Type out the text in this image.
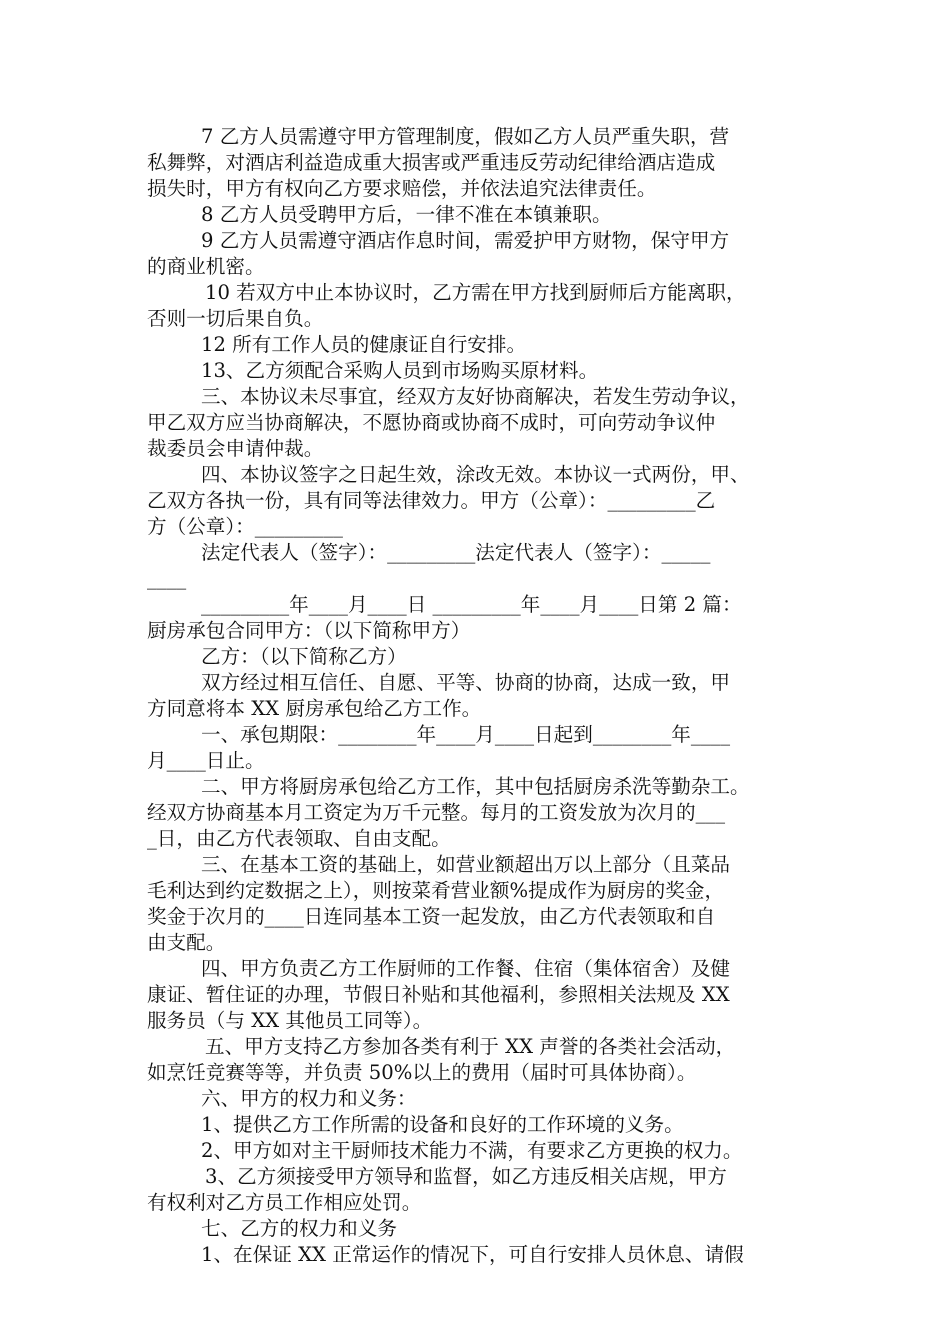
7 乙方人员需遵守甲方管理制度，假如乙方人员严重失职，营
私舞弊，对酒店利益造成重大损害或严重违反劳动纪律给酒店造成
损失时，甲方有权向乙方要求赔偿，并依法追究法律责任。
8 乙方人员受聘甲方后，一律不准在本镇兼职。
9 乙方人员需遵守酒店作息时间，需爱护甲方财物，保守甲方
的商业机密。
10 若双方中止本协议时，乙方需在甲方找到厨师后方能离职，
否则一切后果自负。
12 所有工作人员的健康证自行安排。
13、乙方须配合采购人员到市场购买原材料。
三、本协议未尽事宜，经双方友好协商解决，若发生劳动争议，
甲乙双方应当协商解决，不愿协商或协商不成时，可向劳动争议仲
裁委员会申请仲裁。
四、本协议签字之日起生效，涂改无效。本协议一式两份，甲、
乙双方各执一份，具有同等法律效力。甲方（公章）：_________乙
方（公章）：_________
法定代表人（签字）：_________法定代表人（签字）：_____
____
_________年____月____日 _________年____月____日第 2 篇：
厨房承包合同甲方：（以下简称甲方）
乙方：（以下简称乙方）
双方经过相互信任、自愿、平等、协商的协商，达成一致，甲
方同意将本 XX 厨房承包给乙方工作。
一、承包期限：________年____月____日起到________年____
月____日止。
二、甲方将厨房承包给乙方工作，其中包括厨房杀洗等勤杂工。
经双方协商基本月工资定为万千元整。每月的工资发放为次月的___
_日，由乙方代表领取、自由支配。
三、在基本工资的基础上，如营业额超出万以上部分（且菜品
毛利达到约定数据之上），则按菜肴营业额%提成作为厨房的奖金，
奖金于次月的____日连同基本工资一起发放，由乙方代表领取和自
由支配。
四、甲方负责乙方工作厨师的工作餐、住宿（集体宿舍）及健
康证、暂住证的办理，节假日补贴和其他福利，参照相关法规及 XX
服务员（与 XX 其他员工同等）。
五、甲方支持乙方参加各类有利于 XX 声誉的各类社会活动，
如烹饪竞赛等等，并负责 50%以上的费用（届时可具体协商）。
六、甲方的权力和义务：
1、提供乙方工作所需的设备和良好的工作环境的义务。
2、甲方如对主干厨师技术能力不满，有要求乙方更换的权力。
3、乙方须接受甲方领导和监督，如乙方违反相关店规，甲方
有权利对乙方员工作相应处罚。
七、乙方的权力和义务
1、在保证 XX 正常运作的情况下，可自行安排人员休息、请假
